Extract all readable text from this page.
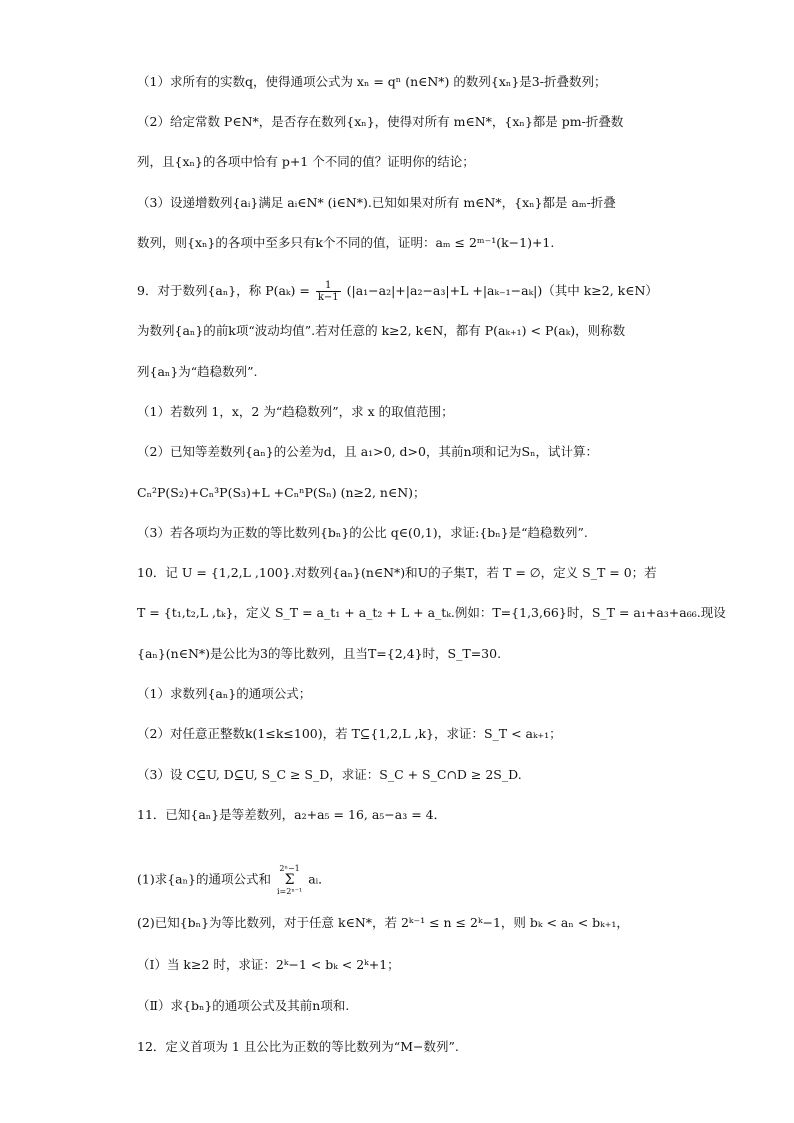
（1）求所有的实数q，使得通项公式为 xₙ = qⁿ (n∈N*) 的数列{xₙ}是3-折叠数列；
（2）给定常数 P∈N*，是否存在数列{xₙ}，使得对所有 m∈N*，{xₙ}都是 pm-折叠数
列，且{xₙ}的各项中恰有 p+1 个不同的值？证明你的结论；
（3）设递增数列{aᵢ}满足 aᵢ∈N* (i∈N*).已知如果对所有 m∈N*，{xₙ}都是 aₘ-折叠
数列，则{xₙ}的各项中至多只有k个不同的值，证明：aₘ ≤ 2ᵐ⁻¹(k−1)+1.
9．对于数列{aₙ}，称 $P(a_k) = \frac{1}{k-1} (|a_1-a_2|+|a_2-a_3|+L +|a_{k-1}-a_k|)$（其中 k≥2, k∈N）
为数列{aₙ}的前k项“波动均值”.若对任意的 k≥2, k∈N，都有 P(aₖ₊₁) < P(aₖ)，则称数
列{aₙ}为“趋稳数列”.
（1）若数列 1，x，2 为“趋稳数列”，求 x 的取值范围；
（2）已知等差数列{aₙ}的公差为d，且 a₁>0, d>0，其前n项和记为Sₙ，试计算：
Cₙ²P(S₂)+Cₙ³P(S₃)+L +CₙⁿP(Sₙ) (n≥2, n∈N)；
（3）若各项均为正数的等比数列{bₙ}的公比 q∈(0,1)，求证:{bₙ}是“趋稳数列”.
10．记 U = {1,2,L ,100}.对数列{aₙ}(n∈N*)和U的子集T，若 T = ∅，定义 S_T = 0；若
T = {t₁,t₂,L ,tₖ}，定义 S_T = a_t₁ + a_t₂ + L + a_tₖ.例如：T={1,3,66}时，S_T = a₁+a₃+a₆₆.现设
{aₙ}(n∈N*)是公比为3的等比数列，且当T={2,4}时，S_T=30.
（1）求数列{aₙ}的通项公式；
（2）对任意正整数k(1≤k≤100)，若 T⊆{1,2,L ,k}，求证：S_T < aₖ₊₁；
（3）设 C⊆U, D⊆U, S_C ≥ S_D，求证：S_C + S_C∩D ≥ 2S_D.
11．已知{aₙ}是等差数列，a₂+a₅ = 16, a₅−a₃ = 4．
(1)求{aₙ}的通项公式和 2ⁿ−1
Σ
i=2ⁿ⁻¹ aᵢ．
(2)已知{bₙ}为等比数列，对于任意 k∈N*，若 2ᵏ⁻¹ ≤ n ≤ 2ᵏ−1，则 bₖ < aₙ < bₖ₊₁，
（Ⅰ）当 k≥2 时，求证：2ᵏ−1 < bₖ < 2ᵏ+1；
（Ⅱ）求{bₙ}的通项公式及其前n项和.
12．定义首项为 1 且公比为正数的等比数列为“M−数列”.
